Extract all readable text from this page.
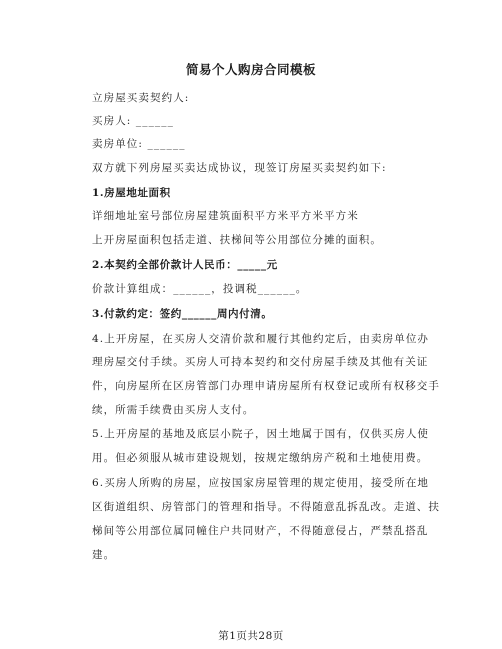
简易个人购房合同模板
立房屋买卖契约人:
买房人: ______
卖房单位: ______
双方就下列房屋买卖达成协议，现签订房屋买卖契约如下:
1.房屋地址面积
详细地址室号部位房屋建筑面积平方米平方米平方米
上开房屋面积包括走道、扶梯间等公用部位分摊的面积。
2.本契约全部价款计人民币：_____元
价款计算组成：______，投调税______。
3.付款约定：签约______周内付清。
4.上开房屋，在买房人交清价款和履行其他约定后，由卖房单位办
理房屋交付手续。买房人可持本契约和交付房屋手续及其他有关证
件，向房屋所在区房管部门办理申请房屋所有权登记或所有权移交手
续，所需手续费由买房人支付。
5.上开房屋的基地及底层小院子，因土地属于国有，仅供买房人使
用。但必须服从城市建设规划，按规定缴纳房产税和土地使用费。
6.买房人所购的房屋，应按国家房屋管理的规定使用，接受所在地
区街道组织、房管部门的管理和指导。不得随意乱拆乱改。走道、扶
梯间等公用部位属同幢住户共同财产，不得随意侵占，严禁乱搭乱
建。
第1页共28页
